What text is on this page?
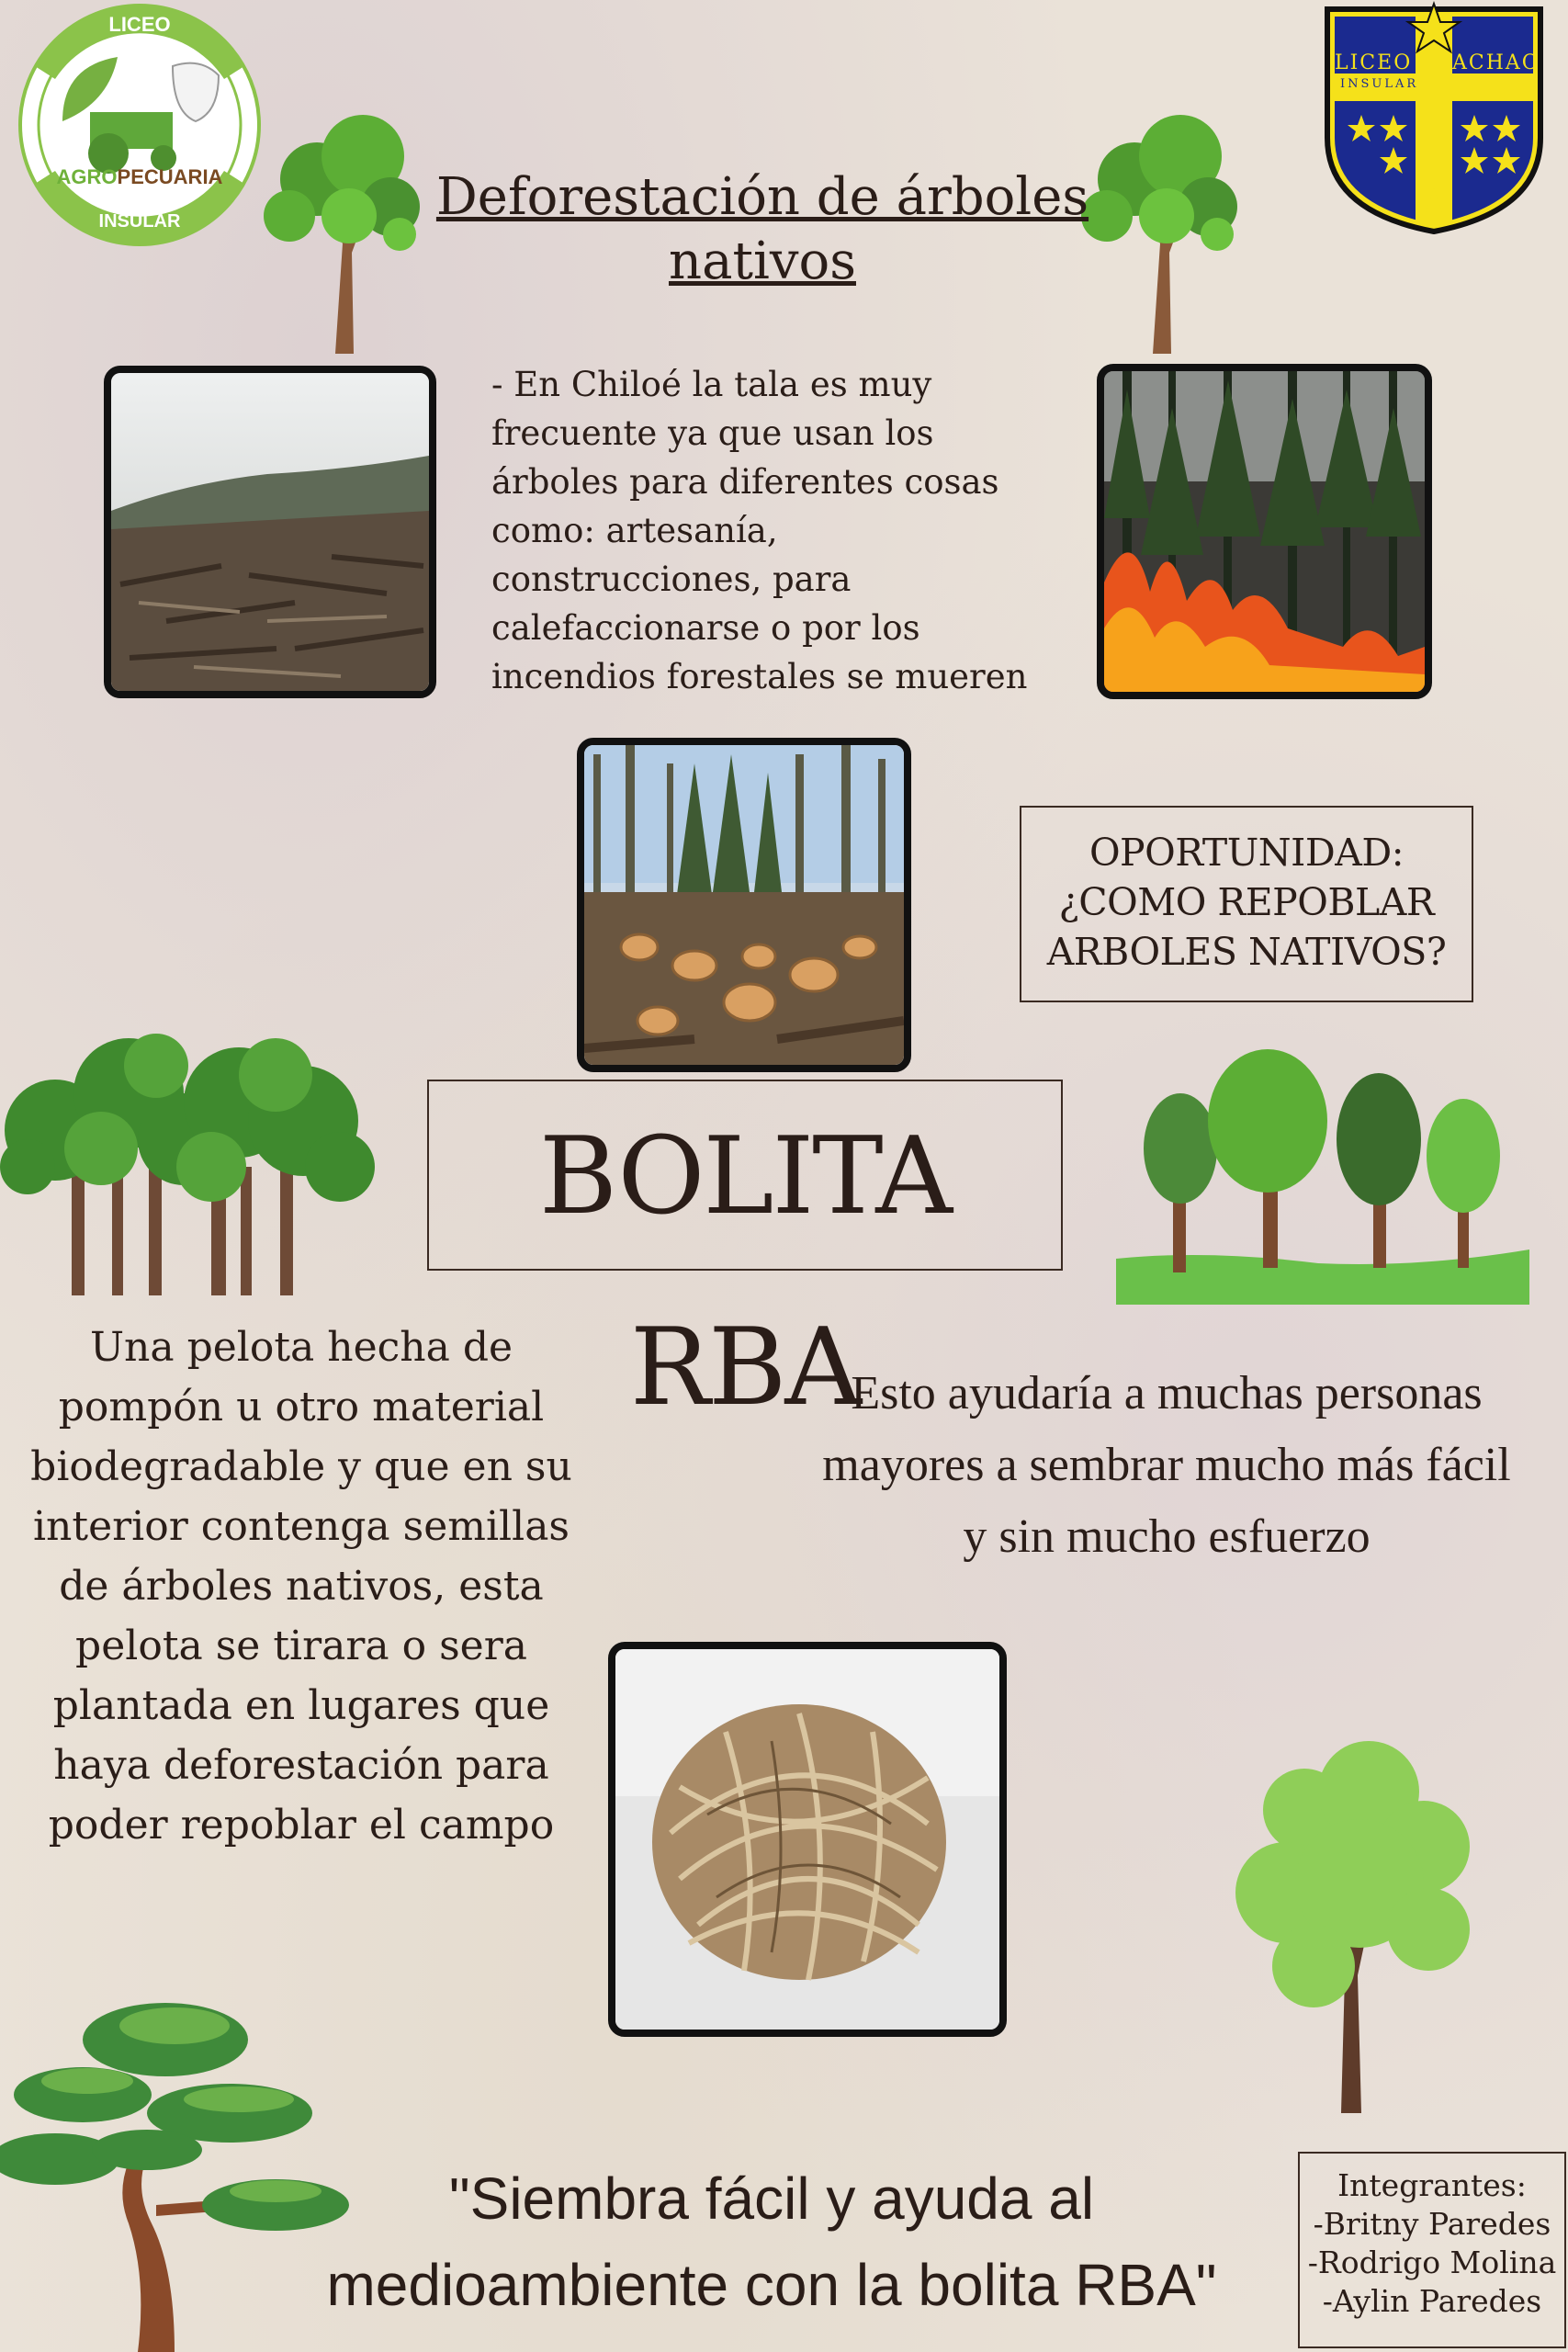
LICEO
AGROPECUARIA
INSULAR
LICEO ACHAO
INSULAR
Deforestación de árboles nativos
- En Chiloé la tala es muy frecuente ya que usan los árboles para diferentes cosas como: artesanía, construcciones, para calefaccionarse o por los incendios forestales se mueren
OPORTUNIDAD:
¿COMO REPOBLAR
ARBOLES NATIVOS?
BOLITA RBA
Una pelota hecha de pompón u otro material biodegradable y que en su interior contenga semillas de árboles nativos, esta pelota se tirara o sera plantada en lugares que haya deforestación para poder repoblar el campo
Esto ayudaría a muchas personas mayores a sembrar mucho más fácil y sin mucho esfuerzo
"Siembra fácil y ayuda al medioambiente con la bolita RBA"
Integrantes:
-Britny Paredes
-Rodrigo Molina
-Aylin Paredes
